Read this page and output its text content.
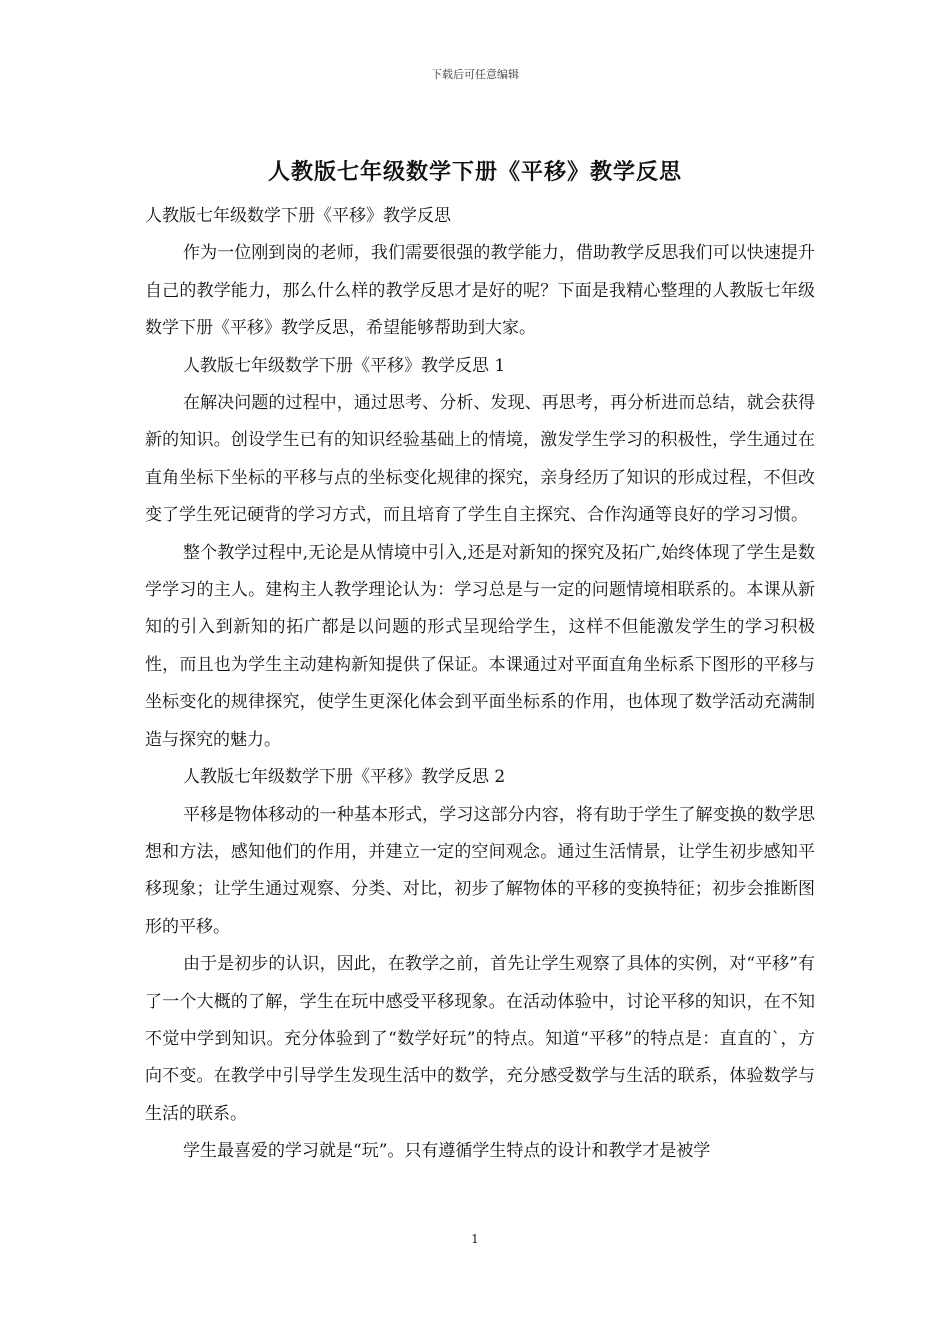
下载后可任意编辑
人教版七年级数学下册《平移》教学反思

人教版七年级数学下册《平移》教学反思

作为一位刚到岗的老师，我们需要很强的教学能力，借助教学反思我们可以快速提升自己的教学能力，那么什么样的教学反思才是好的呢？下面是我精心整理的人教版七年级数学下册《平移》教学反思，希望能够帮助到大家。

人教版七年级数学下册《平移》教学反思 1

在解决问题的过程中，通过思考、分析、发现、再思考，再分析进而总结，就会获得新的知识。创设学生已有的知识经验基础上的情境，激发学生学习的积极性，学生通过在直角坐标下坐标的平移与点的坐标变化规律的探究，亲身经历了知识的形成过程，不但改变了学生死记硬背的学习方式，而且培育了学生自主探究、合作沟通等良好的学习习惯。

整个教学过程中,无论是从情境中引入,还是对新知的探究及拓广,始终体现了学生是数学学习的主人。建构主人教学理论认为：学习总是与一定的问题情境相联系的。本课从新知的引入到新知的拓广都是以问题的形式呈现给学生，这样不但能激发学生的学习积极性，而且也为学生主动建构新知提供了保证。本课通过对平面直角坐标系下图形的平移与坐标变化的规律探究，使学生更深化体会到平面坐标系的作用，也体现了数学活动充满制造与探究的魅力。

人教版七年级数学下册《平移》教学反思 2

平移是物体移动的一种基本形式，学习这部分内容，将有助于学生了解变换的数学思想和方法，感知他们的作用，并建立一定的空间观念。通过生活情景，让学生初步感知平移现象；让学生通过观察、分类、对比，初步了解物体的平移的变换特征；初步会推断图形的平移。

由于是初步的认识，因此，在教学之前，首先让学生观察了具体的实例，对“平移”有了一个大概的了解，学生在玩中感受平移现象。在活动体验中，讨论平移的知识，在不知不觉中学到知识。充分体验到了“数学好玩”的特点。知道“平移”的特点是：直直的`，方向不变。在教学中引导学生发现生活中的数学，充分感受数学与生活的联系，体验数学与生活的联系。

学生最喜爱的学习就是“玩”。只有遵循学生特点的设计和教学才是被学

1
